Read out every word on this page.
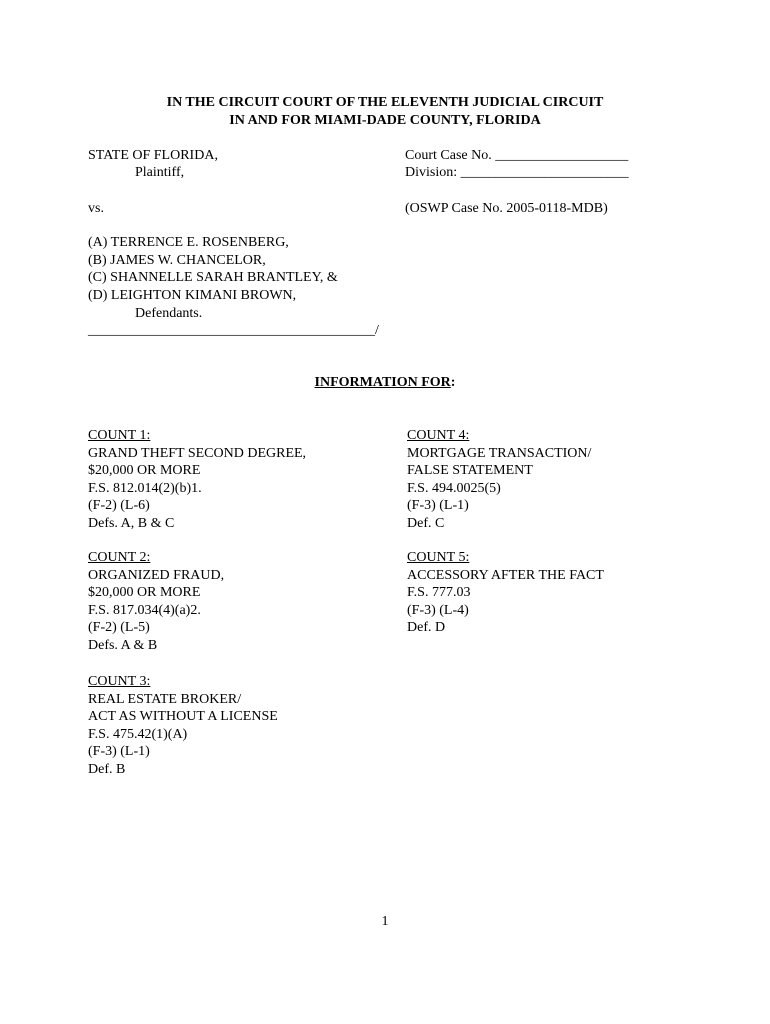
IN THE CIRCUIT COURT OF THE ELEVENTH JUDICIAL CIRCUIT
IN AND FOR MIAMI-DADE COUNTY, FLORIDA
STATE OF FLORIDA,
Plaintiff,
Court Case No. ___________________
Division: ________________________
vs.	(OSWP Case No. 2005-0118-MDB)
(A) TERRENCE E. ROSENBERG,
(B) JAMES W. CHANCELOR,
(C) SHANNELLE SARAH BRANTLEY, &
(D) LEIGHTON KIMANI BROWN,
Defendants.
_________________________________________/
INFORMATION FOR:
COUNT 1:
GRAND THEFT SECOND DEGREE,
$20,000 OR MORE
F.S. 812.014(2)(b)1.
(F-2) (L-6)
Defs. A, B & C
COUNT 4:
MORTGAGE TRANSACTION/
FALSE STATEMENT
F.S. 494.0025(5)
(F-3) (L-1)
Def. C
COUNT 2:
ORGANIZED FRAUD,
$20,000 OR MORE
F.S. 817.034(4)(a)2.
(F-2) (L-5)
Defs. A & B
COUNT 5:
ACCESSORY AFTER THE FACT
F.S. 777.03
(F-3) (L-4)
Def. D
COUNT 3:
REAL ESTATE BROKER/
ACT AS WITHOUT A LICENSE
F.S. 475.42(1)(A)
(F-3) (L-1)
Def. B
1
